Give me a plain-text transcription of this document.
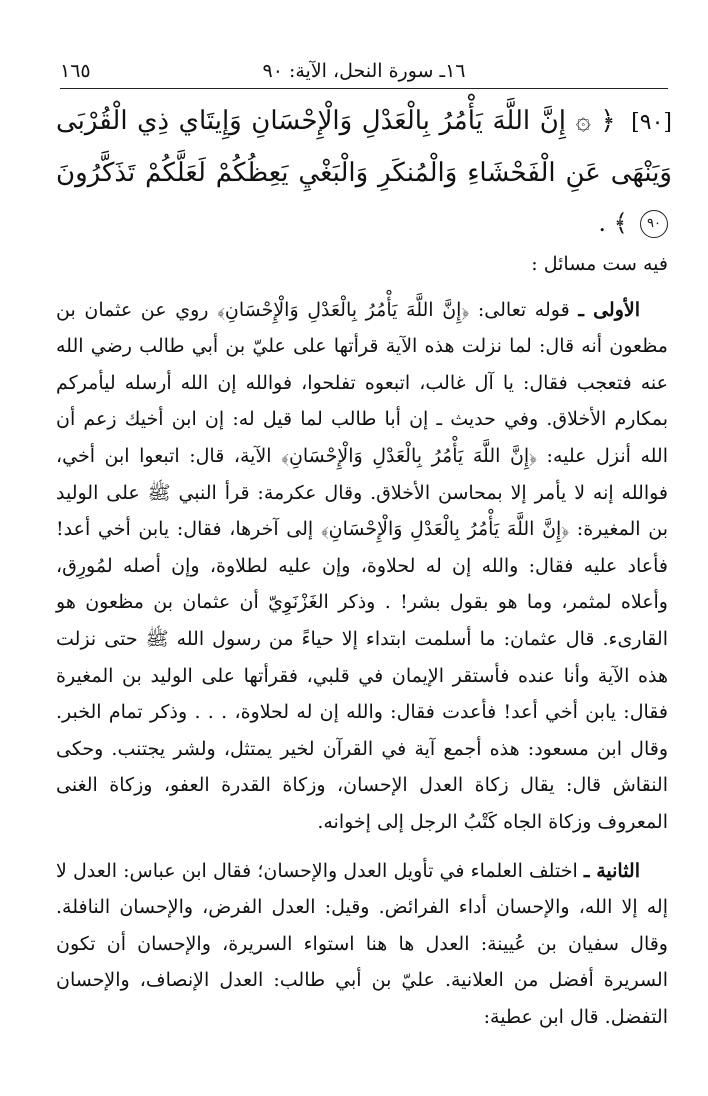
١٦٥	١٦ـ سورة النحل، الآية: ٩٠
[٩٠] ﴿ ۞ إِنَّ اللَّهَ يَأْمُرُ بِالْعَدْلِ وَالْإِحْسَانِ وَإِيتَاي ذِي الْقُرْبَى وَيَنْهَى عَنِ الْفَحْشَاءِ وَالْمُنكَرِ وَالْبَغْيِ يَعِظُكُمْ لَعَلَّكُمْ تَذَكَّرُونَ ٩٠ ﴾ .

فيه ست مسائل :

الأولى ـ قوله تعالى: ﴿إِنَّ اللَّهَ يَأْمُرُ بِالْعَدْلِ وَالْإِحْسَانِ﴾ روي عن عثمان بن مظعون أنه قال: لما نزلت هذه الآية قرأتها على عليّ بن أبي طالب رضي الله عنه فتعجب فقال: يا آل غالب، اتبعوه تفلحوا، فوالله إن الله أرسله ليأمركم بمكارم الأخلاق. وفي حديث ـ إن أبا طالب لما قيل له: إن ابن أخيك زعم أن الله أنزل عليه: ﴿إِنَّ اللَّهَ يَأْمُرُ بِالْعَدْلِ وَالْإِحْسَانِ﴾ الآية، قال: اتبعوا ابن أخي، فوالله إنه لا يأمر إلا بمحاسن الأخلاق. وقال عكرمة: قرأ النبي ﷺ على الوليد بن المغيرة: ﴿إِنَّ اللَّهَ يَأْمُرُ بِالْعَدْلِ وَالْإِحْسَانِ﴾ إلى آخرها، فقال: يابن أخي أعد! فأعاد عليه فقال: والله إن له لحلاوة، وإن عليه لطلاوة، وإن أصله لمُورِق، وأعلاه لمثمر، وما هو بقول بشر! . وذكر الغَزْنَوِيّ أن عثمان بن مظعون هو القارىء. قال عثمان: ما أسلمت ابتداء إلا حياءً من رسول الله ﷺ حتى نزلت هذه الآية وأنا عنده فأستقر الإيمان في قلبي، فقرأتها على الوليد بن المغيرة فقال: يابن أخي أعد! فأعدت فقال: والله إن له لحلاوة، . . . وذكر تمام الخبر. وقال ابن مسعود: هذه أجمع آية في القرآن لخير يمتثل، ولشر يجتنب. وحكى النقاش قال: يقال زكاة العدل الإحسان، وزكاة القدرة العفو، وزكاة الغنى المعروف وزكاة الجاه كَتْبُ الرجل إلى إخوانه.

الثانية ـ اختلف العلماء في تأويل العدل والإحسان؛ فقال ابن عباس: العدل لا إله إلا الله، والإحسان أداء الفرائض. وقيل: العدل الفرض، والإحسان النافلة. وقال سفيان بن عُيينة: العدل ها هنا استواء السريرة، والإحسان أن تكون السريرة أفضل من العلانية. عليّ بن أبي طالب: العدل الإنصاف، والإحسان التفضل. قال ابن عطية:
